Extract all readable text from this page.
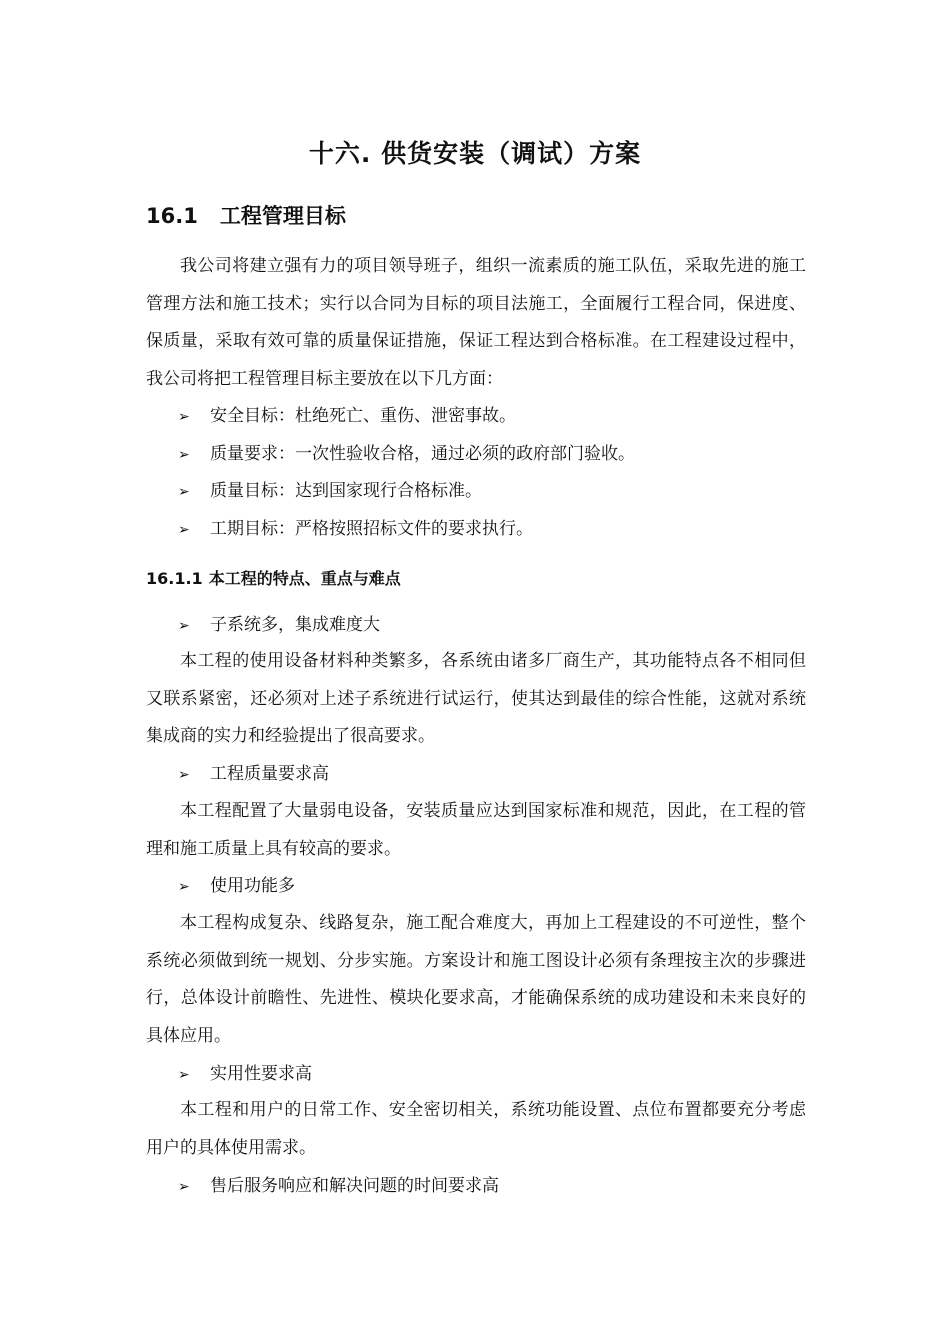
十六. 供货安装（调试）方案
16.1 工程管理目标
我公司将建立强有力的项目领导班子，组织一流素质的施工队伍，采取先进的施工管理方法和施工技术；实行以合同为目标的项目法施工，全面履行工程合同，保进度、保质量，采取有效可靠的质量保证措施，保证工程达到合格标准。在工程建设过程中，我公司将把工程管理目标主要放在以下几方面：
➢ 安全目标：杜绝死亡、重伤、泄密事故。
➢ 质量要求：一次性验收合格，通过必须的政府部门验收。
➢ 质量目标：达到国家现行合格标准。
➢ 工期目标：严格按照招标文件的要求执行。
16.1.1 本工程的特点、重点与难点
➢ 子系统多，集成难度大
本工程的使用设备材料种类繁多，各系统由诸多厂商生产，其功能特点各不相同但又联系紧密，还必须对上述子系统进行试运行，使其达到最佳的综合性能，这就对系统集成商的实力和经验提出了很高要求。
➢ 工程质量要求高
本工程配置了大量弱电设备，安装质量应达到国家标准和规范，因此，在工程的管理和施工质量上具有较高的要求。
➢ 使用功能多
本工程构成复杂、线路复杂，施工配合难度大，再加上工程建设的不可逆性，整个系统必须做到统一规划、分步实施。方案设计和施工图设计必须有条理按主次的步骤进行，总体设计前瞻性、先进性、模块化要求高，才能确保系统的成功建设和未来良好的具体应用。
➢ 实用性要求高
本工程和用户的日常工作、安全密切相关，系统功能设置、点位布置都要充分考虑用户的具体使用需求。
➢ 售后服务响应和解决问题的时间要求高
